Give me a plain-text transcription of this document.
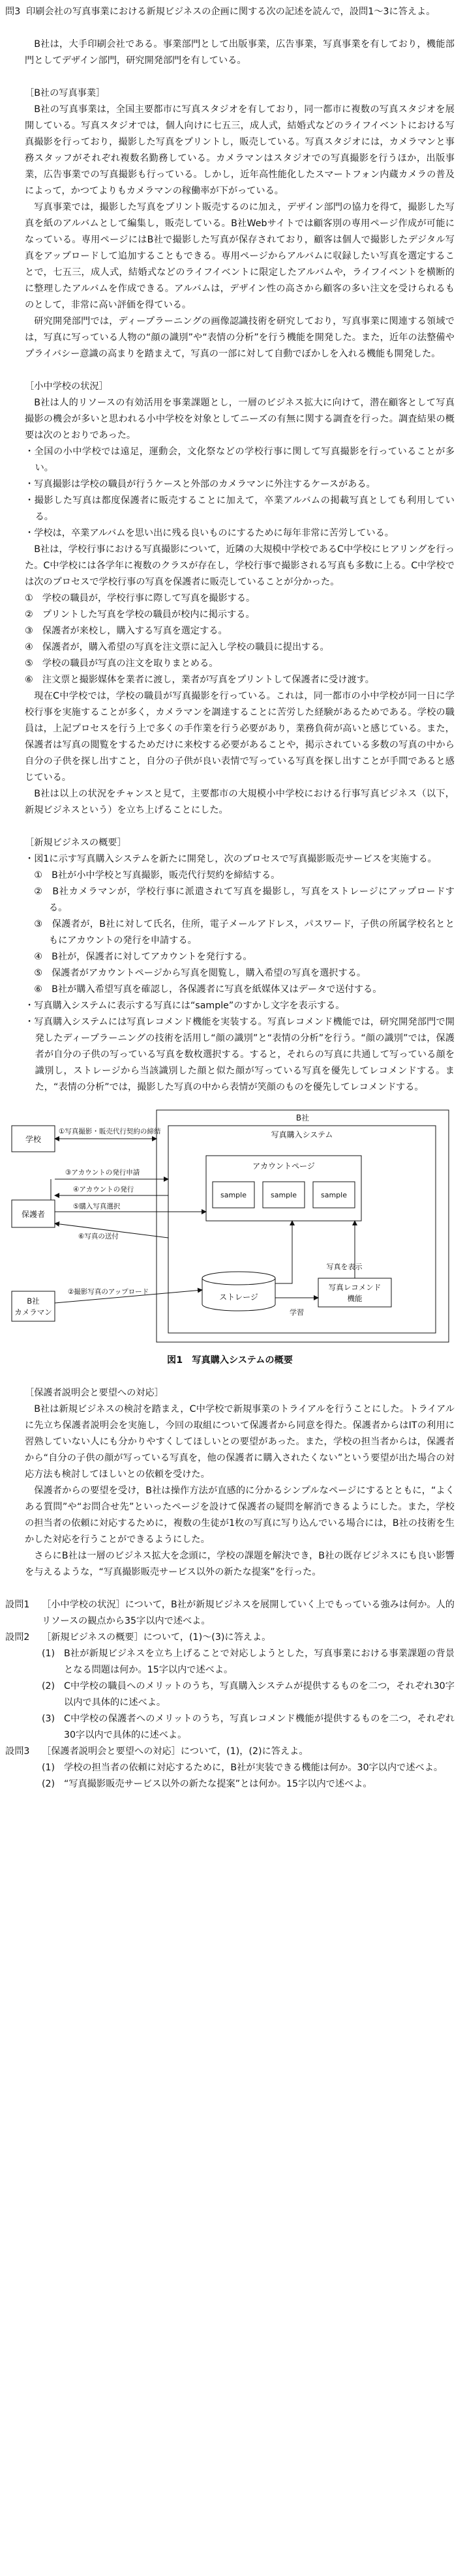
問3 印刷会社の写真事業における新規ビジネスの企画に関する次の記述を読んで，設問1～3に答えよ。

B社は，大手印刷会社である。事業部門として出版事業，広告事業，写真事業を有しており，機能部門としてデザイン部門，研究開発部門を有している。

［B社の写真事業］

B社の写真事業は，全国主要都市に写真スタジオを有しており，同一都市に複数の写真スタジオを展開している。写真スタジオでは，個人向けに七五三，成人式，結婚式などのライフイベントにおける写真撮影を行っており，撮影した写真をプリントし，販売している。写真スタジオには，カメラマンと事務スタッフがそれぞれ複数名勤務している。カメラマンはスタジオでの写真撮影を行うほか，出版事業，広告事業での写真撮影も行っている。しかし，近年高性能化したスマートフォン内蔵カメラの普及によって，かつてよりもカメラマンの稼働率が下がっている。

写真事業では，撮影した写真をプリント販売するのに加え，デザイン部門の協力を得て，撮影した写真を紙のアルバムとして編集し，販売している。B社Webサイトでは顧客別の専用ページ作成が可能になっている。専用ページにはB社で撮影した写真が保存されており，顧客は個人で撮影したデジタル写真をアップロードして追加することもできる。専用ページからアルバムに収録したい写真を選定することで，七五三，成人式，結婚式などのライフイベントに限定したアルバムや，ライフイベントを横断的に整理したアルバムを作成できる。アルバムは，デザイン性の高さから顧客の多い注文を受けられるものとして，非常に高い評価を得ている。

研究開発部門では，ディープラーニングの画像認識技術を研究しており，写真事業に関連する領域では，写真に写っている人物の“顔の識別”や“表情の分析”を行う機能を開発した。また，近年の法整備やプライバシー意識の高まりを踏まえて，写真の一部に対して自動でぼかしを入れる機能も開発した。

［小中学校の状況］

B社は人的リソースの有効活用を事業課題とし，一層のビジネス拡大に向けて，潜在顧客として写真撮影の機会が多いと思われる小中学校を対象としてニーズの有無に関する調査を行った。調査結果の概要は次のとおりであった。

・全国の小中学校では遠足，運動会，文化祭などの学校行事に関して写真撮影を行っていることが多い。

・写真撮影は学校の職員が行うケースと外部のカメラマンに外注するケースがある。

・撮影した写真は都度保護者に販売することに加えて，卒業アルバムの掲載写真としても利用している。

・学校は，卒業アルバムを思い出に残る良いものにするために毎年非常に苦労している。

B社は，学校行事における写真撮影について，近隣の大規模中学校であるC中学校にヒアリングを行った。C中学校には各学年に複数のクラスが存在し，学校行事で撮影される写真も多数に上る。C中学校では次のプロセスで学校行事の写真を保護者に販売していることが分かった。

①　学校の職員が，学校行事に際して写真を撮影する。

②　プリントした写真を学校の職員が校内に掲示する。

③　保護者が来校し，購入する写真を選定する。

④　保護者が，購入希望の写真を注文票に記入し学校の職員に提出する。

⑤　学校の職員が写真の注文を取りまとめる。

⑥　注文票と撮影媒体を業者に渡し，業者が写真をプリントして保護者に受け渡す。

現在C中学校では，学校の職員が写真撮影を行っている。これは，同一都市の小中学校が同一日に学校行事を実施することが多く，カメラマンを調達することに苦労した経験があるためである。学校の職員は，上記プロセスを行う上で多くの手作業を行う必要があり，業務負荷が高いと感じている。また，保護者は写真の閲覧をするためだけに来校する必要があることや，掲示されている多数の写真の中から自分の子供を探し出すこと，自分の子供が良い表情で写っている写真を探し出すことが手間であると感じている。

B社は以上の状況をチャンスと見て，主要都市の大規模小中学校における行事写真ビジネス（以下，新規ビジネスという）を立ち上げることにした。

［新規ビジネスの概要］

・図1に示す写真購入システムを新たに開発し，次のプロセスで写真撮影販売サービスを実施する。

①　B社が小中学校と写真撮影，販売代行契約を締結する。

②　B社カメラマンが，学校行事に派遣されて写真を撮影し，写真をストレージにアップロードする。

③　保護者が，B社に対して氏名，住所，電子メールアドレス，パスワード，子供の所属学校名とともにアカウントの発行を申請する。

④　B社が，保護者に対してアカウントを発行する。

⑤　保護者がアカウントページから写真を閲覧し，購入希望の写真を選択する。

⑥　B社が購入希望写真を確認し，各保護者に写真を紙媒体又はデータで送付する。

・写真購入システムに表示する写真には“sample”のすかし文字を表示する。

・写真購入システムには写真レコメンド機能を実装する。写真レコメンド機能では，研究開発部門で開発したディープラーニングの技術を活用し“顔の識別”と“表情の分析”を行う。“顔の識別”では，保護者が自分の子供の写っている写真を数枚選択する。すると，それらの写真に共通して写っている顔を識別し，ストレージから当該識別した顔と似た顔が写っている写真を優先してレコメンドする。また，“表情の分析”では，撮影した写真の中から表情が笑顔のものを優先してレコメンドする。

学校
保護者
B社
カメラマン
B社
写真購入システム
アカウントページ
sample	sample	sample
ストレージ
写真レコメンド
機能
写真を表示
学習
①写真撮影・販売代行契約の締結
③アカウントの発行申請
④アカウントの発行
⑤購入写真選択
⑥写真の送付
②撮影写真のアップロード

図1　写真購入システムの概要

［保護者説明会と要望への対応］

B社は新規ビジネスの検討を踏まえ，C中学校で新規事業のトライアルを行うことにした。トライアルに先立ち保護者説明会を実施し，今回の取組について保護者から同意を得た。保護者からはITの利用に習熟していない人にも分かりやすくしてほしいとの要望があった。また，学校の担当者からは，保護者から“自分の子供の顔が写っている写真を，他の保護者に購入されたくない”という要望が出た場合の対応方法も検討してほしいとの依頼を受けた。

保護者からの要望を受け，B社は操作方法が直感的に分かるシンプルなページにするとともに，“よくある質問”や“お問合せ先”といったページを設けて保護者の疑問を解消できるようにした。また，学校の担当者の依頼に対応するために，複数の生徒が1枚の写真に写り込んでいる場合には，B社の技術を生かした対応を行うことができるようにした。

さらにB社は一層のビジネス拡大を念頭に，学校の課題を解決でき，B社の既存ビジネスにも良い影響を与えるような，“写真撮影販売サービス以外の新たな提案”を行った。

設問1	［小中学校の状況］について，B社が新規ビジネスを展開していく上でもっている強みは何か。人的リソースの観点から35字以内で述べよ。

設問2	［新規ビジネスの概要］について，(1)～(3)に答えよ。

(1) B社が新規ビジネスを立ち上げることで対応しようとした，写真事業における事業課題の背景となる問題は何か。15字以内で述べよ。

(2) C中学校の職員へのメリットのうち，写真購入システムが提供するものを二つ，それぞれ30字以内で具体的に述べよ。

(3) C中学校の保護者へのメリットのうち，写真レコメンド機能が提供するものを二つ，それぞれ30字以内で具体的に述べよ。

設問3	［保護者説明会と要望への対応］について，(1)，(2)に答えよ。

(1) 学校の担当者の依頼に対応するために，B社が実装できる機能は何か。30字以内で述べよ。

(2) “写真撮影販売サービス以外の新たな提案”とは何か。15字以内で述べよ。
